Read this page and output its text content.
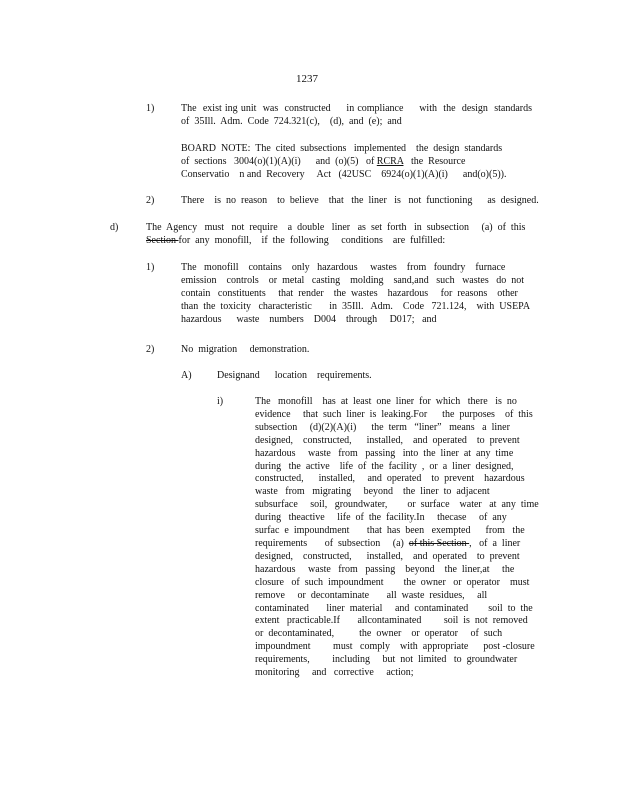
1237
1)	The  exist ing unit  was  constructed     in compliance     with  the  design  standards
of  35Ill.  Adm.  Code  724.321(c),    (d),  and  (e);  and
BOARD  NOTE:  The  cited  subsections   implemented    the  design  standards
of  sections   3004(o)(1)(A)(i)      and  (o)(5)   of RCRA   the  Resource
Conservatio    n and  Recovery     Act   (42USC    6924(o)(1)(A)(i)      and(o)(5)).
2)	There    is  no  reason    to  believe    that   the  liner   is   not  functioning      as  designed.
d)	The  Agency   must   not  require    a  double   liner   as  set  forth   in  subsection     (a)  of  this
Section for  any  monofill,    if  the  following     conditions    are  fulfilled:
1)	The   monofill    contains    only   hazardous     wastes    from   foundry    furnace
emission    controls    or  metal   casting    molding    sand,and   such   wastes   do  not
contain   constituents     that  render    the  wastes    hazardous     for  reasons    other
than  the  toxicity   characteristic       in  35Ill.   Adm.    Code   721.124,    with  USEPA
hazardous      waste    numbers    D004    through     D017;   and
2)	No  migration     demonstration.
A)	Designand      location    requirements.
i)	The   monofill    has  at  least  one  liner  for  which   there   is  no
evidence     that  such  liner  is  leaking.For      the  purposes    of  this
subsection     (d)(2)(A)(i)      the  term   “liner”   means   a  liner
designed,    constructed,      installed,    and  operated    to  prevent
hazardous     waste   from   passing   into  the  liner  at  any  time
during   the  active    life  of  the  facility  ,  or  a  liner  designed,
constructed,      installed,     and  operated    to  prevent    hazardous
waste   from   migrating     beyond    the  liner  to  adjacent
subsurface     soil,   groundwater,        or  surface    water   at  any  time
during   theactive     life  of  the  facility.In     thecase     of  any
surfac  e  impoundment       that  has  been   exempted      from   the
requirements       of  subsection     (a)  of this Section ,   of  a  liner
designed,    constructed,      installed,    and  operated    to  prevent
hazardous     waste   from   passing    beyond    the  liner,at     the
closure   of  such  impoundment        the  owner   or  operator    must
remove     or  decontaminate       all  waste  residues,     all
contaminated       liner  material     and  contaminated        soil  to  the
extent   practicable.If       allcontaminated         soil  is  not  removed
or  decontaminated,          the  owner    or  operator     of  such
impoundment         must   comply    with  appropriate      post -closure
requirements,         including     but  not  limited   to  groundwater
monitoring     and   corrective     action;
